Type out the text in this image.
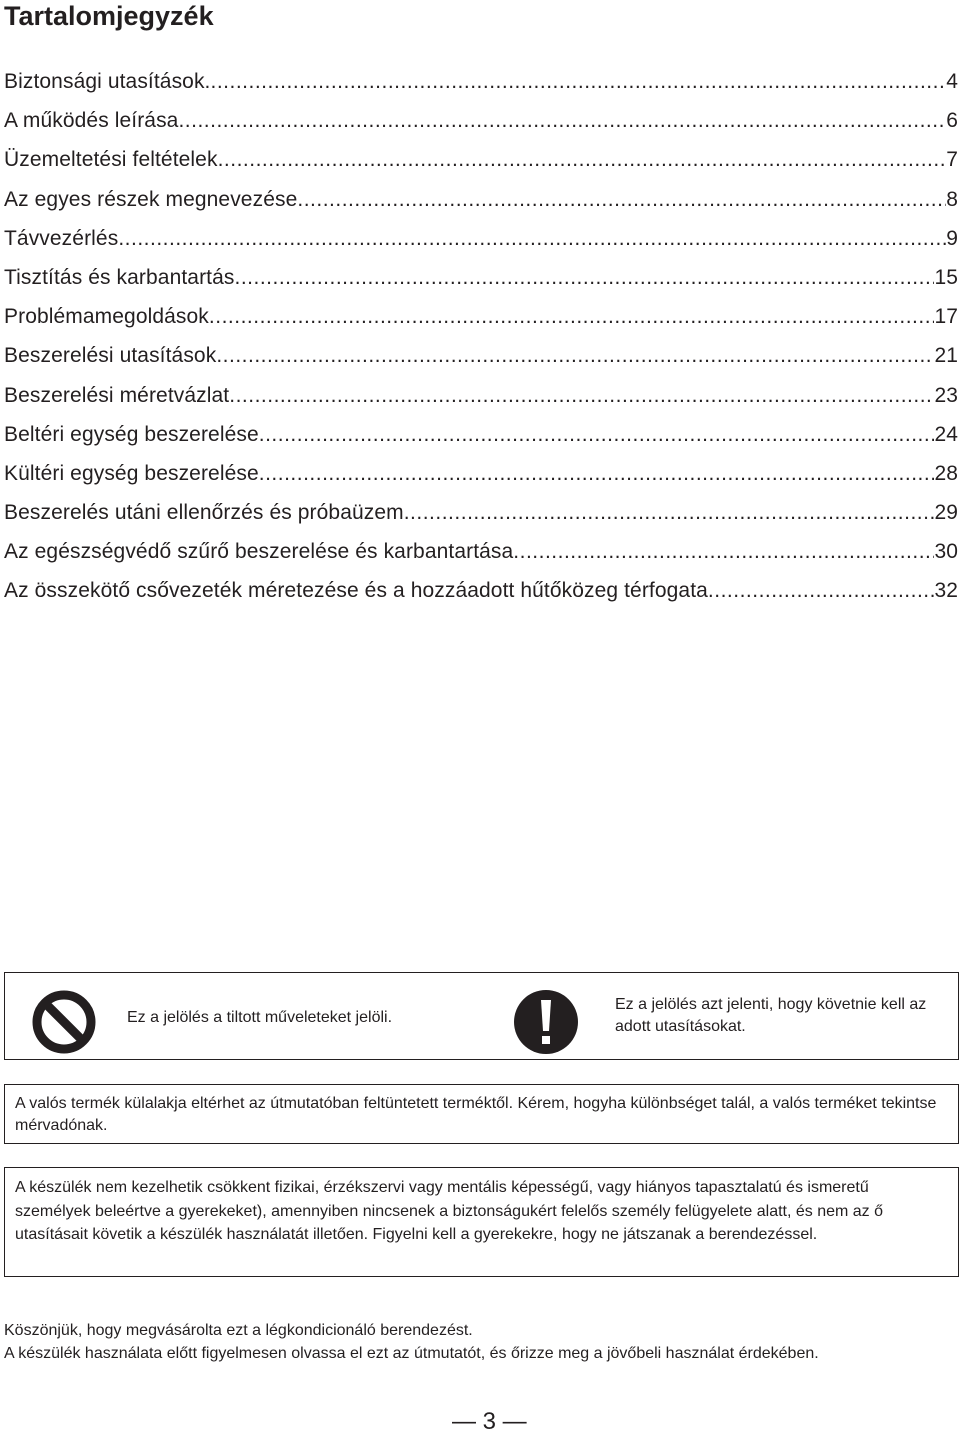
Tartalomjegyzék
Biztonsági utasítások. .....	4
A működés leírása .....	6
Üzemeltetési feltételek .....	7
Az egyes részek megnevezése .....	8
Távvezérlés .....	9
Tisztítás és karbantartás .....	15
Problémamegoldások .....	17
Beszerelési utasítások .....	21
Beszerelési méretvázlat .....	23
Beltéri egység beszerelése .....	24
Kültéri egység beszerelése .....	28
Beszerelés utáni ellenőrzés és próbaüzem .....	29
Az egészségvédő szűrő beszerelése és karbantartása .....	30
Az összekötő csővezeték méretezése és a hozzáadott hűtőközeg térfogata .....	32
Ez a jelölés a tiltott műveleteket jelöli.
Ez a jelölés azt jelenti, hogy követnie kell az adott utasításokat.
A valós termék külalakja eltérhet az útmutatóban feltüntetett terméktől. Kérem, hogyha különbséget talál, a valós terméket tekintse mérvadónak.
A készülék nem kezelhetik csökkent fizikai, érzékszervi vagy mentális képességű, vagy hiányos tapasztalatú és ismeretű személyek beleértve a gyerekeket), amennyiben nincsenek a biztonságukért felelős személy felügyelete alatt, és nem az ő utasításait követik a készülék használatát illetően. Figyelni kell a gyerekekre, hogy ne játszanak a berendezéssel.

Köszönjük, hogy megvásárolta ezt a légkondicionáló berendezést.

A készülék használata előtt figyelmesen olvassa el ezt az útmutatót, és őrizze meg a jövőbeli használat érdekében.

— 3 —
